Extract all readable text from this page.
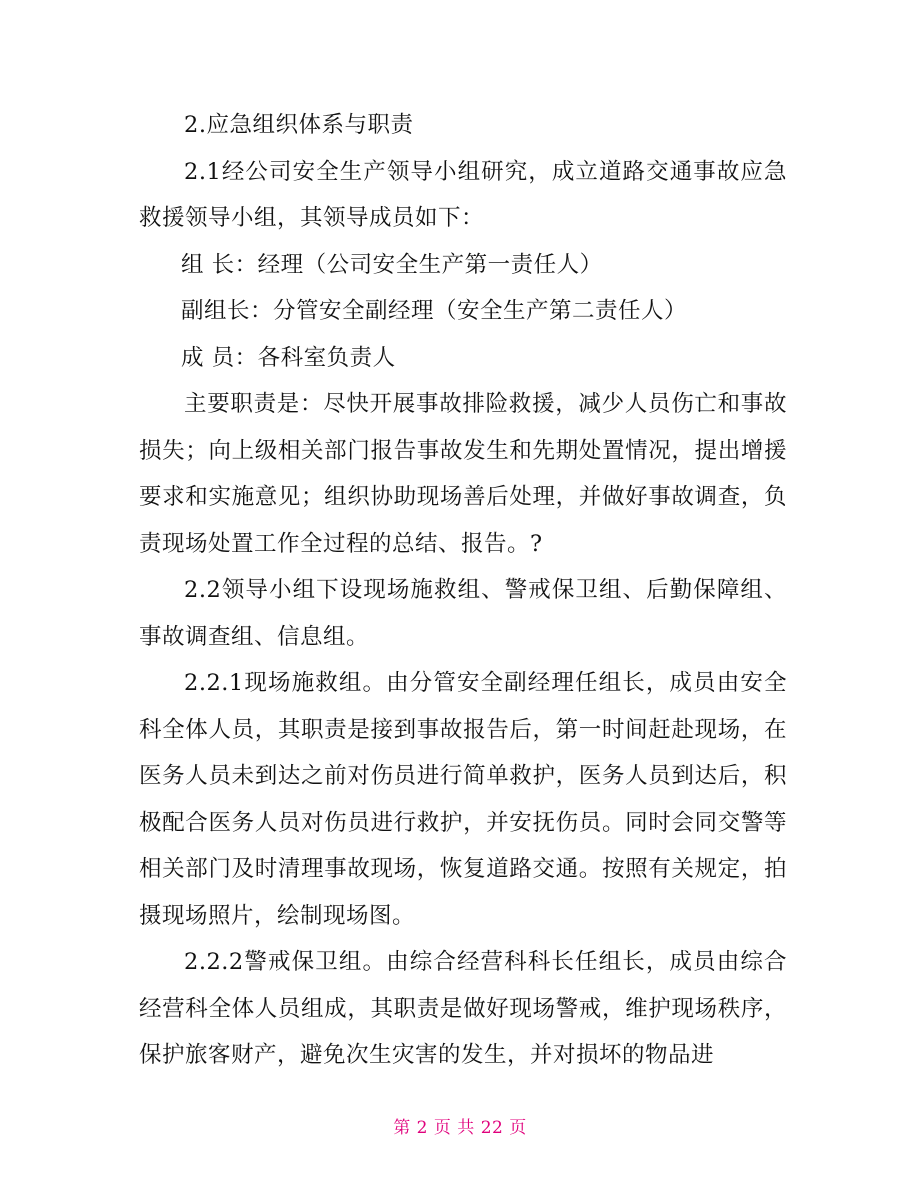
2.应急组织体系与职责

2.1经公司安全生产领导小组研究，成立道路交通事故应急救援领导小组，其领导成员如下：

组 长：经理（公司安全生产第一责任人）

副组长：分管安全副经理（安全生产第二责任人）

成 员：各科室负责人

主要职责是：尽快开展事故排险救援，减少人员伤亡和事故损失；向上级相关部门报告事故发生和先期处置情况，提出增援要求和实施意见；组织协助现场善后处理，并做好事故调查，负责现场处置工作全过程的总结、报告。?

2.2领导小组下设现场施救组、警戒保卫组、后勤保障组、事故调查组、信息组。

2.2.1现场施救组。由分管安全副经理任组长，成员由安全科全体人员，其职责是接到事故报告后，第一时间赶赴现场，在医务人员未到达之前对伤员进行简单救护，医务人员到达后，积极配合医务人员对伤员进行救护，并安抚伤员。同时会同交警等相关部门及时清理事故现场，恢复道路交通。按照有关规定，拍摄现场照片，绘制现场图。

2.2.2警戒保卫组。由综合经营科科长任组长，成员由综合经营科全体人员组成，其职责是做好现场警戒，维护现场秩序，保护旅客财产，避免次生灾害的发生，并对损坏的物品进

第 2 页 共 22 页
